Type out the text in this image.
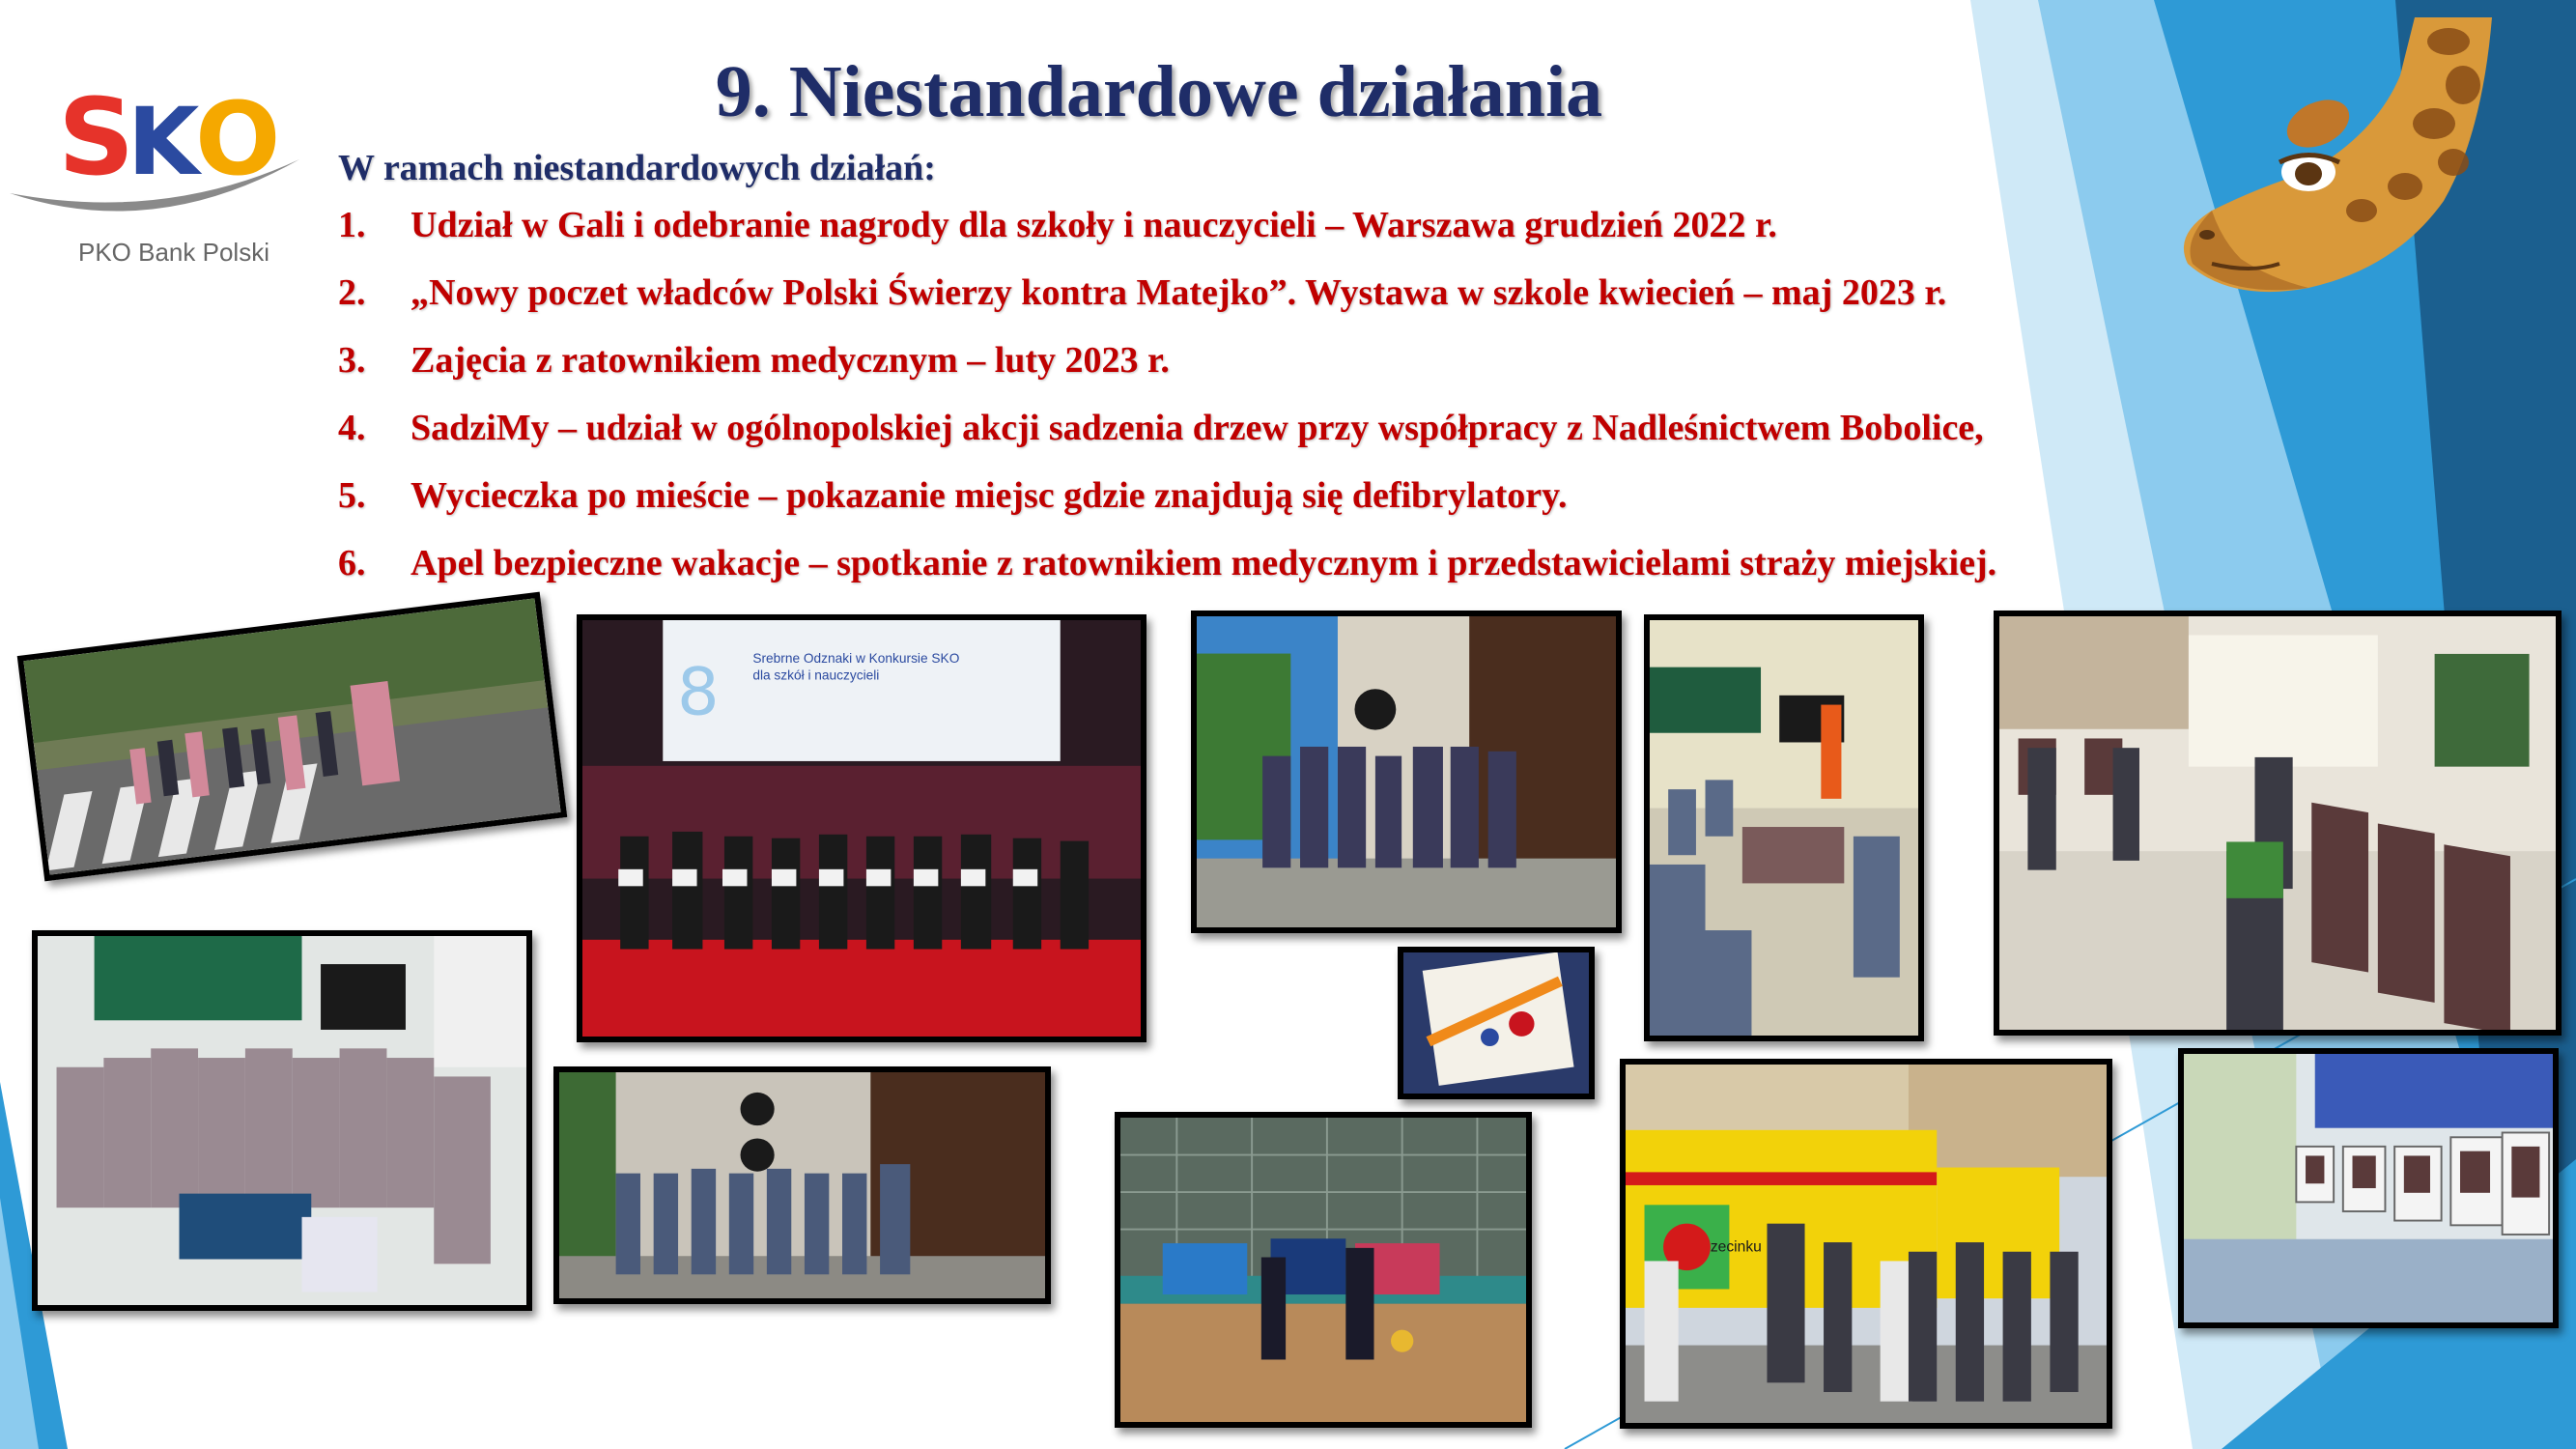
S
K
O
PKO Bank Polski
9. Niestandardowe działania

W ramach niestandardowych działań:

1. Udział w Gali i odebranie nagrody dla szkoły i nauczycieli – Warszawa grudzień 2022 r.
2. „Nowy poczet władców Polski Świerzy kontra Matejko”. Wystawa w szkole kwiecień – maj 2023 r.
3. Zajęcia z ratownikiem medycznym – luty 2023 r.
4. SadziMy – udział w ogólnopolskiej akcji sadzenia drzew przy współpracy z Nadleśnictwem Bobolice,
5. Wycieczka po mieście – pokazanie miejsc gdzie znajdują się defibrylatory.
6. Apel bezpieczne wakacje – spotkanie z ratownikiem medycznym i przedstawicielami straży miejskiej.
Srebrne Odznaki w Konkursie SKO
dla szkół i nauczycieli
8
zecinku
